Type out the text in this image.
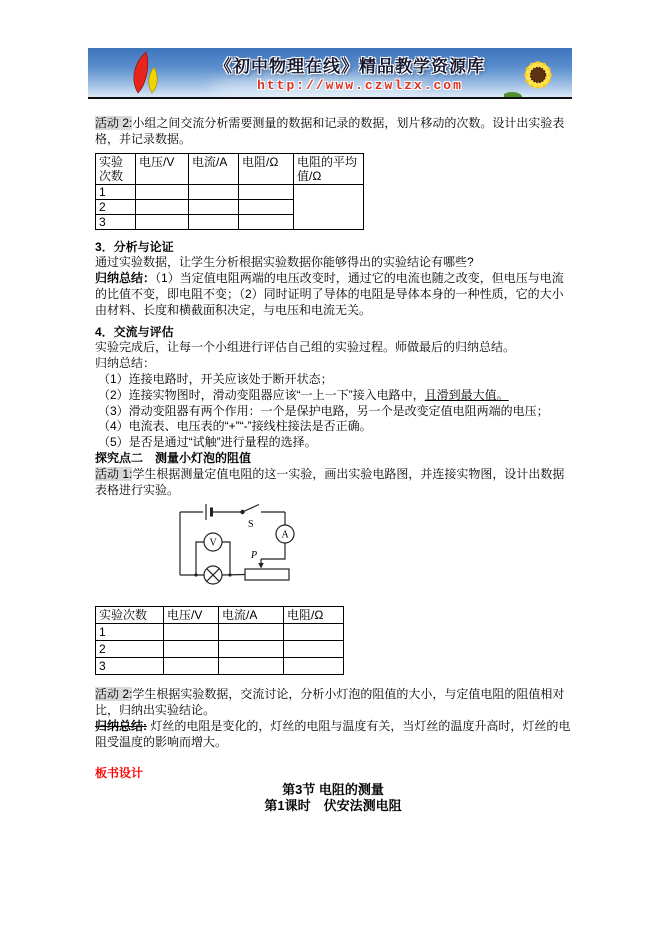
《初中物理在线》精品教学资源库
http://www.czwlzx.com

活动 2:小组之间交流分析需要测量的数据和记录的数据，划片移动的次数。设计出实验表格，并记录数据。

实验次数	电压/V	电流/A	电阻/Ω	电阻的平均值/Ω
1				
2				
3				

3．分析与论证

通过实验数据，让学生分析根据实验数据你能够得出的实验结论有哪些?

归纳总结：（1）当定值电阻两端的电压改变时，通过它的电流也随之改变，但电压与电流的比值不变，即电阻不变；（2）同时证明了导体的电阻是导体本身的一种性质，它的大小由材料、长度和横截面积决定，与电压和电流无关。

4．交流与评估

实验完成后，让每一个小组进行评估自己组的实验过程。师做最后的归纳总结。

归纳总结：

（1）连接电路时，开关应该处于断开状态；

（2）连接实物图时，滑动变阻器应该“一上一下”接入电路中，且滑到最大值。

（3）滑动变阻器有两个作用：一个是保护电路，另一个是改变定值电阻两端的电压；

（4）电流表、电压表的“+”“-”接线柱接法是否正确。

（5）是否是通过“试触”进行量程的选择。

探究点二　测量小灯泡的阻值

活动 1:学生根据测量定值电阻的这一实验，画出实验电路图，并连接实物图，设计出数据表格进行实验。

S
A
V
P
实验次数	电压/V	电流/A	电阻/Ω
1			
2			
3			

活动 2:学生根据实验数据，交流讨论，分析小灯泡的阻值的大小，与定值电阻的阻值相对比，归纳出实验结论。

归纳总结: 灯丝的电阻是变化的，灯丝的电阻与温度有关，当灯丝的温度升高时，灯丝的电阻受温度的影响而增大。

板书设计

第3节 电阻的测量

第1课时　伏安法测电阻
